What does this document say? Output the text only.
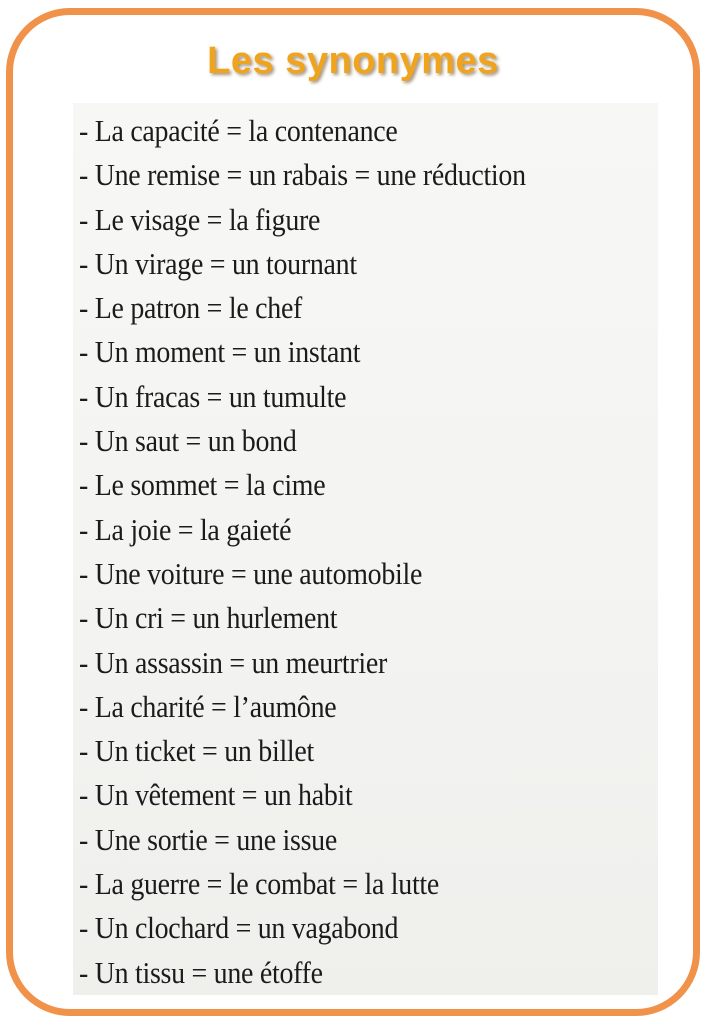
Les synonymes
- La capacité = la contenance
- Une remise = un rabais = une réduction
- Le visage = la figure
- Un virage = un tournant
- Le patron = le chef
- Un moment = un instant
- Un fracas = un tumulte
- Un saut = un bond
- Le sommet = la cime
- La joie = la gaieté
- Une voiture = une automobile
- Un cri = un hurlement
- Un assassin = un meurtrier
- La charité = l’aumône
- Un ticket = un billet
- Un vêtement = un habit
- Une sortie = une issue
- La guerre = le combat = la lutte
- Un clochard = un vagabond
- Un tissu = une étoffe
